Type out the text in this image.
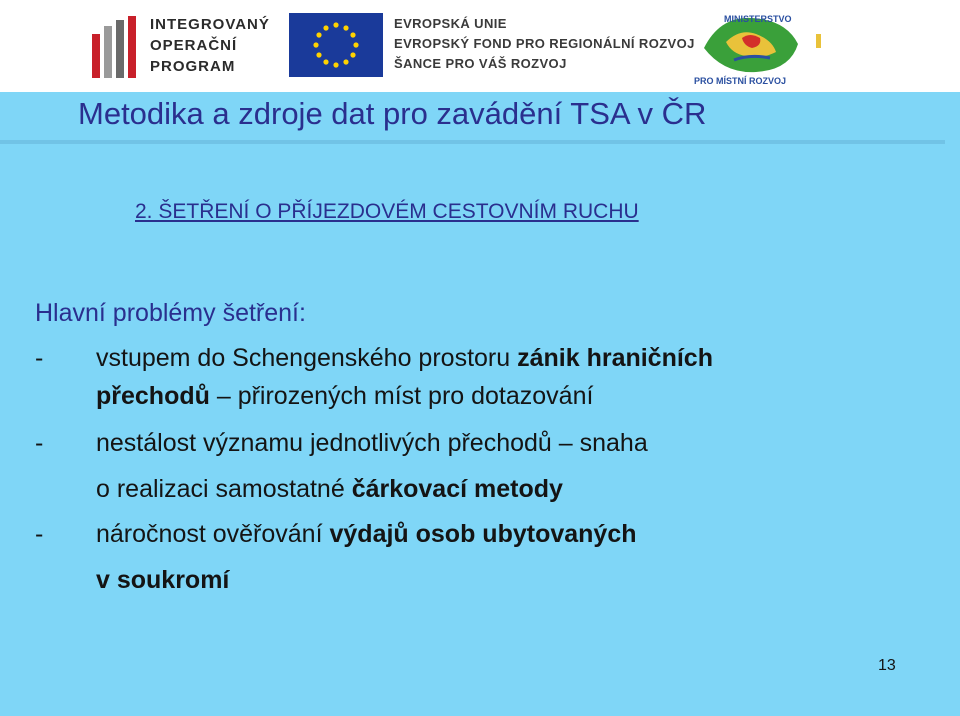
INTEGROVANÝ
OPERAČNÍ
PROGRAM
EVROPSKÁ UNIE
EVROPSKÝ FOND PRO REGIONÁLNÍ ROZVOJ
ŠANCE PRO VÁŠ ROZVOJ
MINISTERSTVO
PRO MÍSTNÍ ROZVOJ
Metodika a zdroje dat pro zavádění TSA v ČR
2. ŠETŘENÍ O PŘÍJEZDOVÉM CESTOVNÍM RUCHU
Hlavní problémy šetření:
- vstupem do Schengenského prostoru zánik hraničních
přechodů – přirozených míst pro dotazování
- nestálost významu jednotlivých přechodů – snaha
o realizaci samostatné čárkovací metody
- náročnost ověřování výdajů osob ubytovaných
v soukromí
13
